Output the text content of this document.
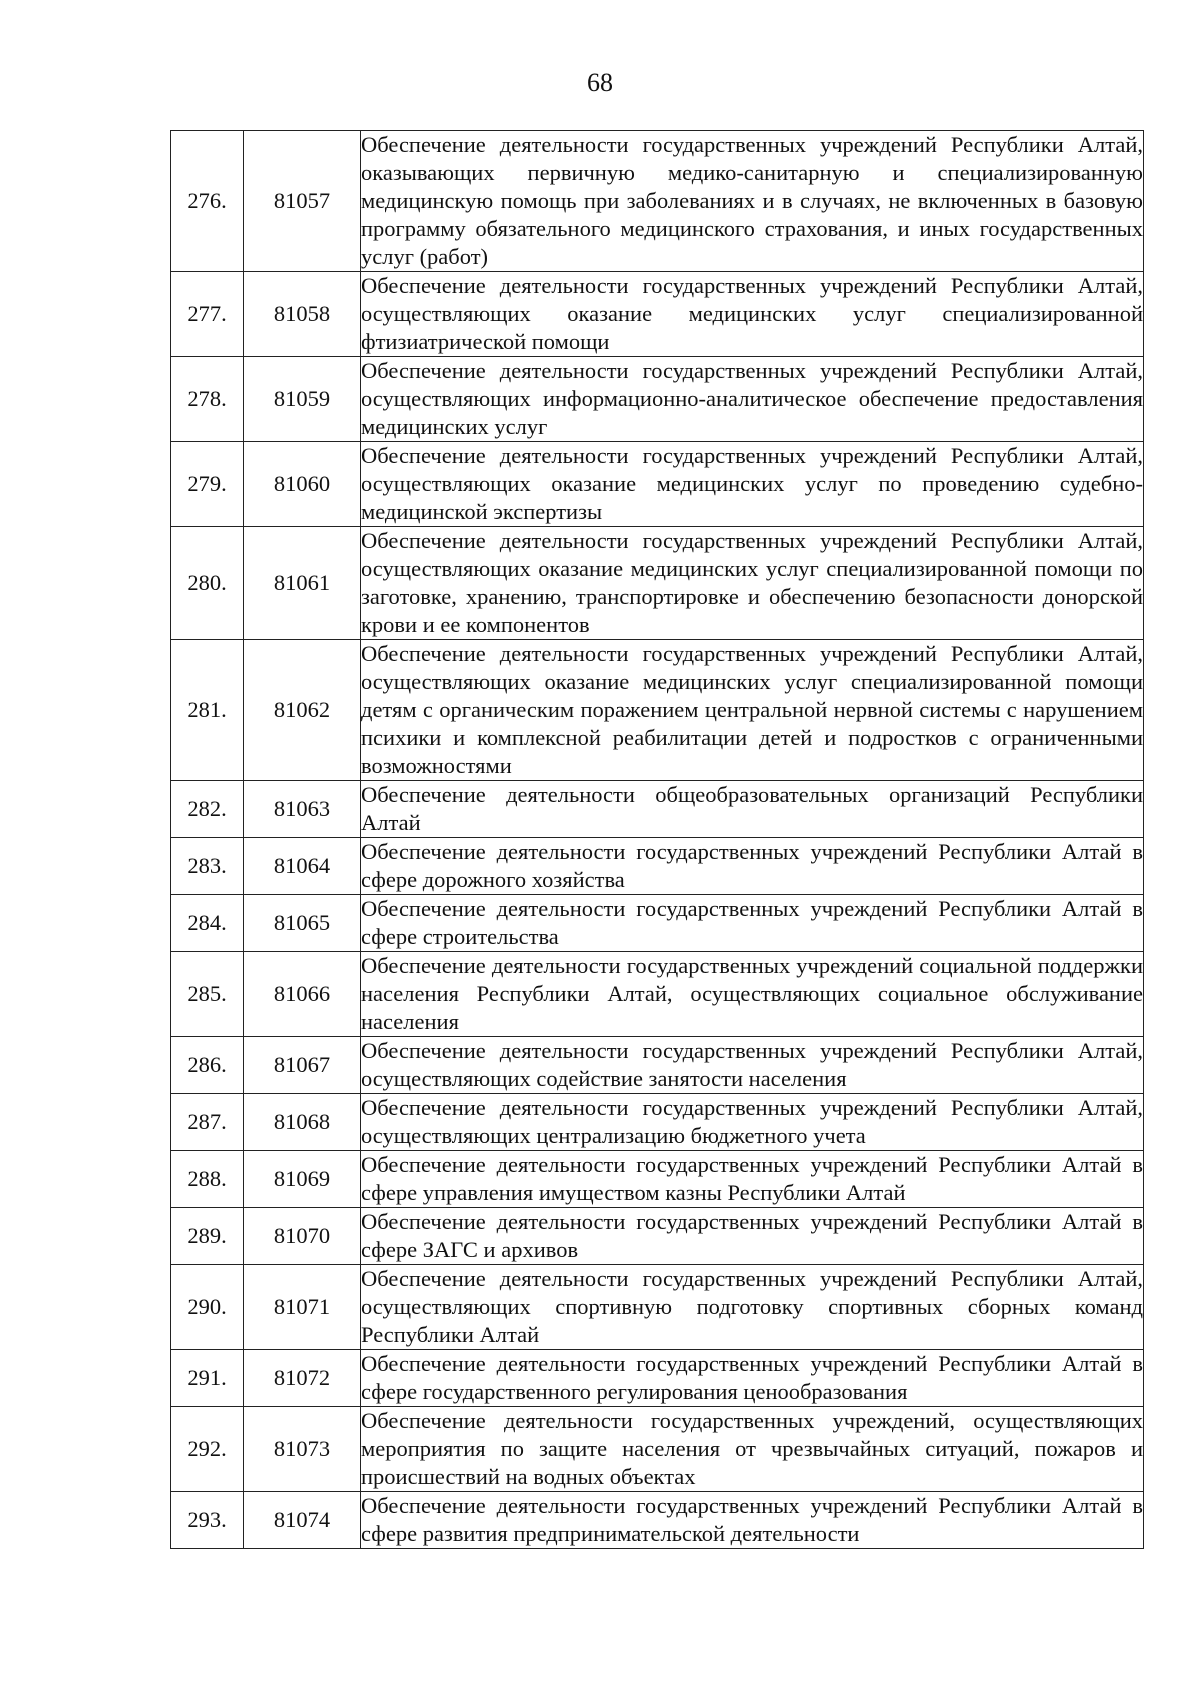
68
276.	81057	Обеспечение деятельности государственных учреждений Республики Алтай, оказывающих первичную медико-санитарную и специализированную медицинскую помощь при заболеваниях и в случаях, не включенных в базовую программу обязательного медицинского страхования, и иных государственных услуг (работ)

277.	81058	Обеспечение деятельности государственных учреждений Республики Алтай, осуществляющих оказание медицинских услуг специализированной фтизиатрической помощи

278.	81059	Обеспечение деятельности государственных учреждений Республики Алтай, осуществляющих информационно-аналитическое обеспечение предоставления медицинских услуг

279.	81060	Обеспечение деятельности государственных учреждений Республики Алтай, осуществляющих оказание медицинских услуг по проведению судебно-медицинской экспертизы

280.	81061	Обеспечение деятельности государственных учреждений Республики Алтай, осуществляющих оказание медицинских услуг специализированной помощи по заготовке, хранению, транспортировке и обеспечению безопасности донорской крови и ее компонентов

281.	81062	Обеспечение деятельности государственных учреждений Республики Алтай, осуществляющих оказание медицинских услуг специализированной помощи детям с органическим поражением центральной нервной системы с нарушением психики и комплексной реабилитации детей и подростков с ограниченными возможностями

282.	81063	Обеспечение деятельности общеобразовательных организаций Республики Алтай

283.	81064	Обеспечение деятельности государственных учреждений Республики Алтай в сфере дорожного хозяйства

284.	81065	Обеспечение деятельности государственных учреждений Республики Алтай в сфере строительства

285.	81066	Обеспечение деятельности государственных учреждений социальной поддержки населения Республики Алтай, осуществляющих социальное обслуживание населения

286.	81067	Обеспечение деятельности государственных учреждений Республики Алтай, осуществляющих содействие занятости населения

287.	81068	Обеспечение деятельности государственных учреждений Республики Алтай, осуществляющих централизацию бюджетного учета

288.	81069	Обеспечение деятельности государственных учреждений Республики Алтай в сфере управления имуществом казны Республики Алтай

289.	81070	Обеспечение деятельности государственных учреждений Республики Алтай в сфере ЗАГС и архивов

290.	81071	Обеспечение деятельности государственных учреждений Республики Алтай, осуществляющих спортивную подготовку спортивных сборных команд Республики Алтай

291.	81072	Обеспечение деятельности государственных учреждений Республики Алтай в сфере государственного регулирования ценообразования

292.	81073	Обеспечение деятельности государственных учреждений, осуществляющих мероприятия по защите населения от чрезвычайных ситуаций, пожаров и происшествий на водных объектах

293.	81074	Обеспечение деятельности государственных учреждений Республики Алтай в сфере развития предпринимательской деятельности
